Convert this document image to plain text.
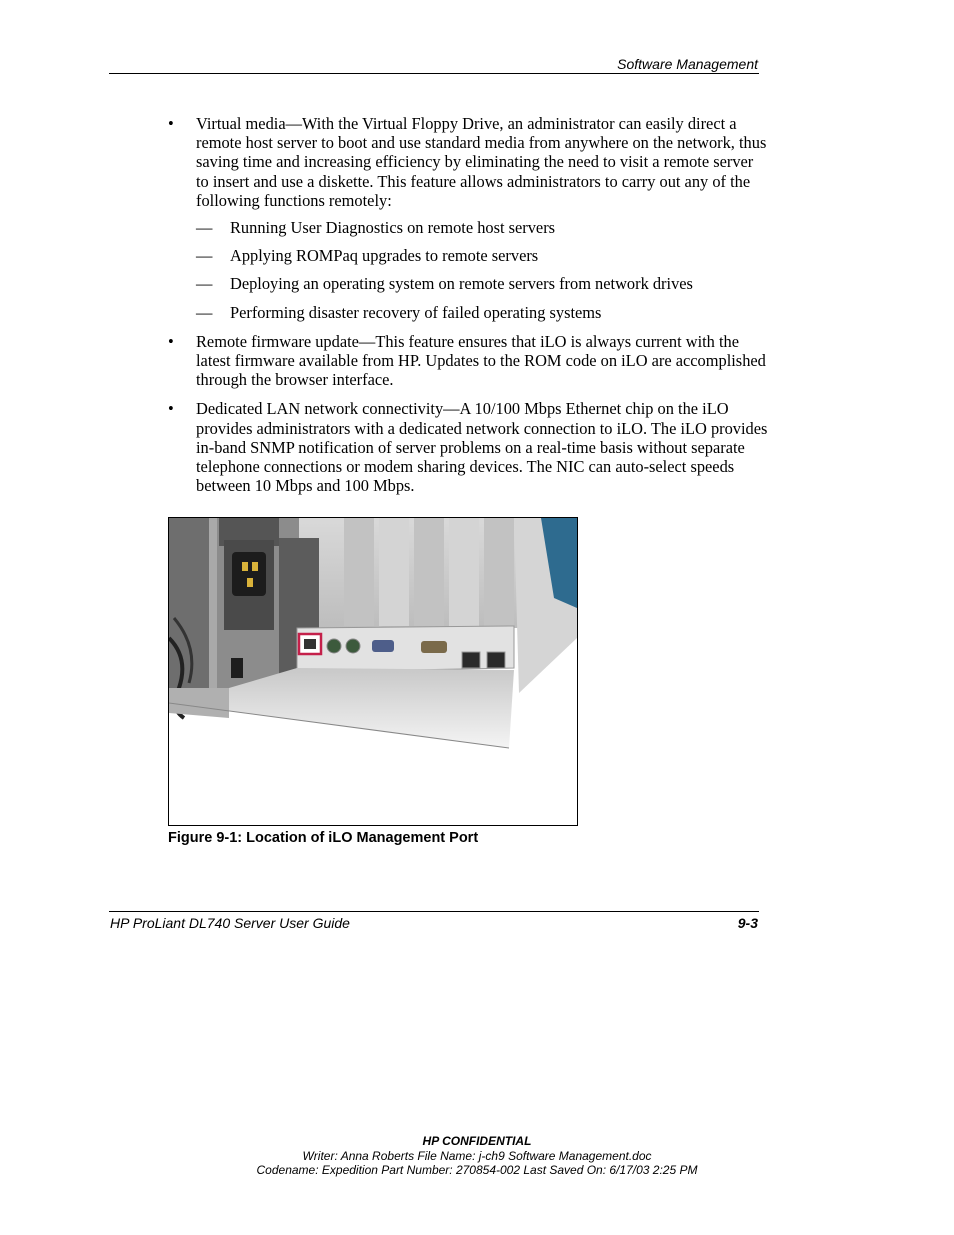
Software Management
• Virtual media—With the Virtual Floppy Drive, an administrator can easily direct a remote host server to boot and use standard media from anywhere on the network, thus saving time and increasing efficiency by eliminating the need to visit a remote server to insert and use a diskette. This feature allows administrators to carry out any of the following functions remotely:
— Running User Diagnostics on remote host servers
— Applying ROMPaq upgrades to remote servers
— Deploying an operating system on remote servers from network drives
— Performing disaster recovery of failed operating systems
• Remote firmware update—This feature ensures that iLO is always current with the latest firmware available from HP. Updates to the ROM code on iLO are accomplished through the browser interface.
• Dedicated LAN network connectivity—A 10/100 Mbps Ethernet chip on the iLO provides administrators with a dedicated network connection to iLO. The iLO provides in-band SNMP notification of server problems on a real-time basis without separate telephone connections or modem sharing devices. The NIC can auto-select speeds between 10 Mbps and 100 Mbps.
Figure 9-1: Location of iLO Management Port
HP ProLiant DL740 Server User Guide	9-3
HP CONFIDENTIAL
Writer: Anna Roberts File Name: j-ch9 Software Management.doc
Codename: Expedition Part Number: 270854-002 Last Saved On: 6/17/03 2:25 PM
